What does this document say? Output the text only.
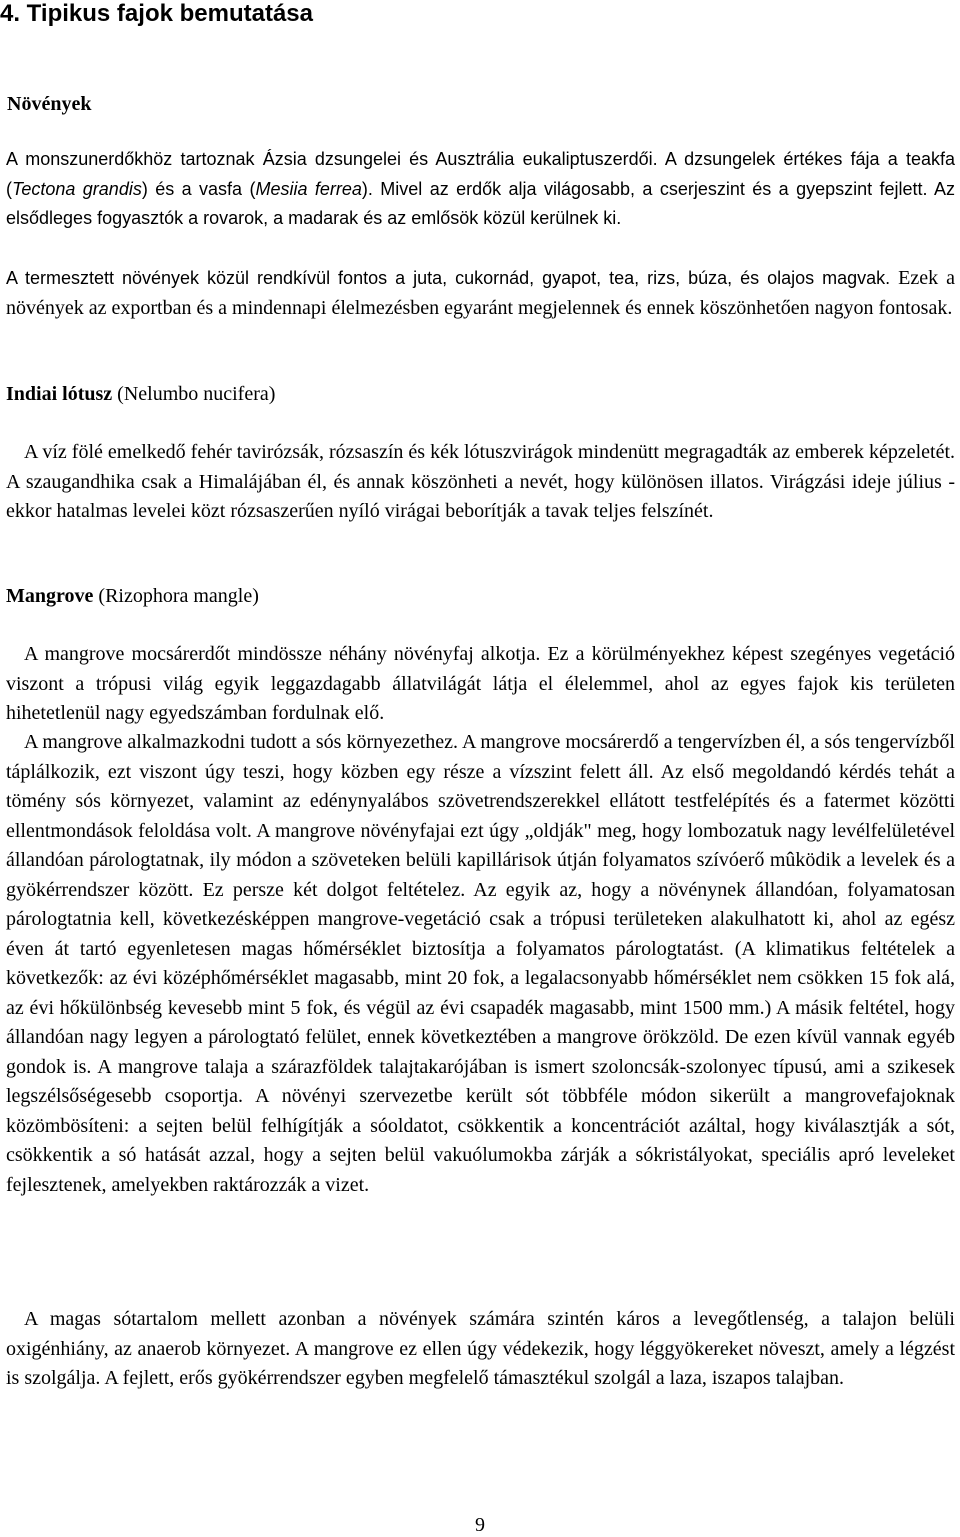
4. Tipikus fajok bemutatása
Növények

A monszunerdőkhöz tartoznak Ázsia dzsungelei és Ausztrália eukaliptuszerdői. A dzsungelek értékes fája a teakfa (Tectona grandis) és a vasfa (Mesiia ferrea). Mivel az erdők alja világosabb, a cserjeszint és a gyepszint fejlett. Az elsődleges fogyasztók a rovarok, a madarak és az emlősök közül kerülnek ki.

A termesztett növények közül rendkívül fontos a juta, cukornád, gyapot, tea, rizs, búza, és olajos magvak. Ezek a növények az exportban és a mindennapi élelmezésben egyaránt megjelennek és ennek köszönhetően nagyon fontosak.

Indiai lótusz (Nelumbo nucifera)

A víz fölé emelkedő fehér tavirózsák, rózsaszín és kék lótuszvirágok mindenütt megragadták az emberek képzeletét. A szaugandhika csak a Himalájában él, és annak köszönheti a nevét, hogy különösen illatos. Virágzási ideje július - ekkor hatalmas levelei közt rózsaszerűen nyíló virágai beborítják a tavak teljes felszínét.

Mangrove (Rizophora mangle)

A mangrove mocsárerdőt mindössze néhány növényfaj alkotja. Ez a körülményekhez képest szegényes vegetáció viszont a trópusi világ egyik leggazdagabb állatvilágát látja el élelemmel, ahol az egyes fajok kis területen hihetetlenül nagy egyedszámban fordulnak elő.

A mangrove alkalmazkodni tudott a sós környezethez. A mangrove mocsárerdő a tengervízben él, a sós tengervízből táplálkozik, ezt viszont úgy teszi, hogy közben egy része a vízszint felett áll. Az első megoldandó kérdés tehát a tömény sós környezet, valamint az edénynyalábos szövetrendszerekkel ellátott testfelépítés és a fatermet közötti ellentmondások feloldása volt. A mangrove növényfajai ezt úgy „oldják" meg, hogy lombozatuk nagy levélfelületével állandóan párologtatnak, ily módon a szöveteken belüli kapillárisok útján folyamatos szívóerő mûködik a levelek és a gyökérrendszer között. Ez persze két dolgot feltételez. Az egyik az, hogy a növénynek állandóan, folyamatosan párologtatnia kell, következésképpen mangrove-vegetáció csak a trópusi területeken alakulhatott ki, ahol az egész éven át tartó egyenletesen magas hőmérséklet biztosítja a folyamatos párologtatást. (A klimatikus feltételek a következők: az évi középhőmérséklet magasabb, mint 20 fok, a legalacsonyabb hőmérséklet nem csökken 15 fok alá, az évi hőkülönbség kevesebb mint 5 fok, és végül az évi csapadék magasabb, mint 1500 mm.) A másik feltétel, hogy állandóan nagy legyen a párologtató felület, ennek következtében a mangrove örökzöld. De ezen kívül vannak egyéb gondok is. A mangrove talaja a szárazföldek talajtakarójában is ismert szoloncsák-szolonyec típusú, ami a szikesek legszélsőségesebb csoportja. A növényi szervezetbe került sót többféle módon sikerült a mangrovefajoknak közömbösíteni: a sejten belül felhígítják a sóoldatot, csökkentik a koncentrációt azáltal, hogy kiválasztják a sót, csökkentik a só hatását azzal, hogy a sejten belül vakuólumokba zárják a sókristályokat, speciális apró leveleket fejlesztenek, amelyekben raktározzák a vizet.

A magas sótartalom mellett azonban a növények számára szintén káros a levegőtlenség, a talajon belüli oxigénhiány, az anaerob környezet. A mangrove ez ellen úgy védekezik, hogy léggyökereket növeszt, amely a légzést is szolgálja. A fejlett, erős gyökérrendszer egyben megfelelő támasztékul szolgál a laza, iszapos talajban.

9
